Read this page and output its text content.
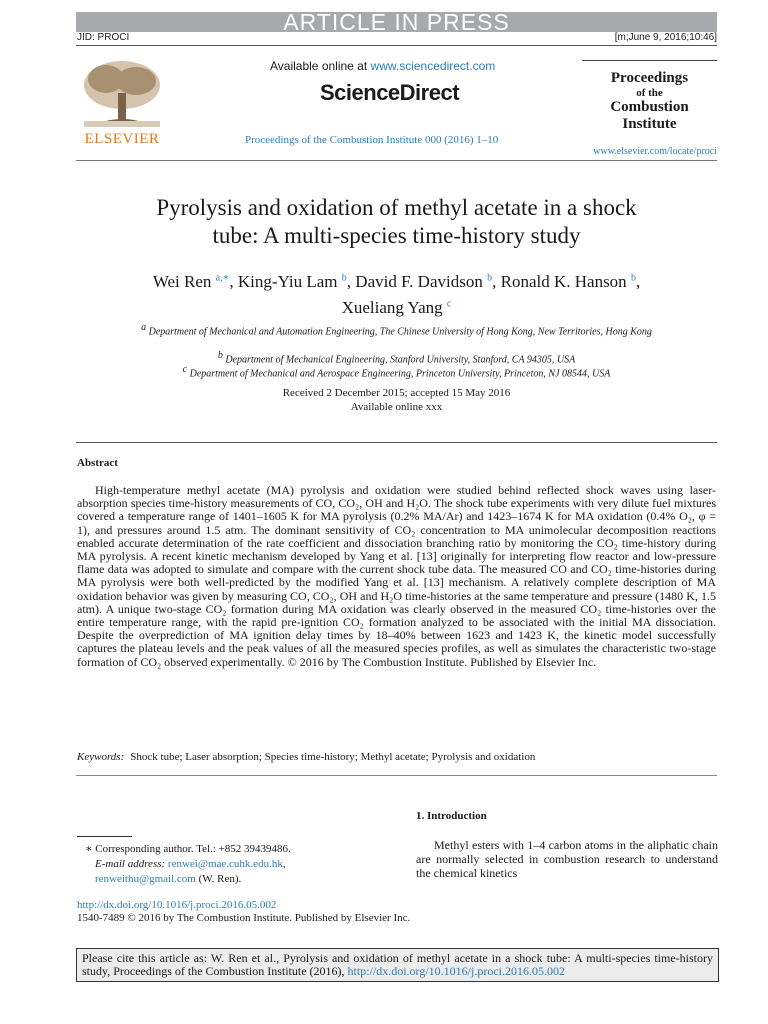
ARTICLE IN PRESS
JID: PROCI	[m;June 9, 2016;10:46]
ELSEVIER
Available online at www.sciencedirect.com
ScienceDirect
Proceedings of the Combustion Institute 000 (2016) 1–10
Proceedings
of the
Combustion
Institute
www.elsevier.com/locate/proci
Pyrolysis and oxidation of methyl acetate in a shock
tube: A multi-species time-history study
Wei Ren $^{a,∗}$, King-Yiu Lam $^b$, David F. Davidson $^b$, Ronald K. Hanson $^b$,
Xueliang Yang $^c$
$^a$ Department of Mechanical and Automation Engineering, The Chinese University of Hong Kong, New Territories, Hong Kong
$^b$ Department of Mechanical Engineering, Stanford University, Stanford, CA 94305, USA
$^c$ Department of Mechanical and Aerospace Engineering, Princeton University, Princeton, NJ 08544, USA
Received 2 December 2015; accepted 15 May 2016
Available online xxx
Abstract

High-temperature methyl acetate (MA) pyrolysis and oxidation were studied behind reflected shock waves using laser-absorption species time-history measurements of CO, CO₂, OH and H₂O. The shock tube experiments with very dilute fuel mixtures covered a temperature range of 1401–1605 K for MA pyrolysis (0.2% MA/Ar) and 1423–1674 K for MA oxidation (0.4% O₂, φ = 1), and pressures around 1.5 atm. The dominant sensitivity of CO₂ concentration to MA unimolecular decomposition reactions enabled accurate determination of the rate coefficient and dissociation branching ratio by monitoring the CO₂ time-history during MA pyrolysis. A recent kinetic mechanism developed by Yang et al. [13] originally for interpreting flow reactor and low-pressure flame data was adopted to simulate and compare with the current shock tube data. The measured CO and CO₂ time-histories during MA pyrolysis were both well-predicted by the modified Yang et al. [13] mechanism. A relatively complete description of MA oxidation behavior was given by measuring CO, CO₂, OH and H₂O time-histories at the same temperature and pressure (1480 K, 1.5 atm). A unique two-stage CO₂ formation during MA oxidation was clearly observed in the measured CO₂ time-histories over the entire temperature range, with the rapid pre-ignition CO₂ formation analyzed to be associated with the initial MA dissociation. Despite the overprediction of MA ignition delay times by 18–40% between 1623 and 1423 K, the kinetic model successfully captures the plateau levels and the peak values of all the measured species profiles, as well as simulates the characteristic two-stage formation of CO₂ observed experimentally. © 2016 by The Combustion Institute. Published by Elsevier Inc.

Keywords: Shock tube; Laser absorption; Species time-history; Methyl acetate; Pyrolysis and oxidation
1. Introduction

Methyl esters with 1–4 carbon atoms in the aliphatic chain are normally selected in combustion research to understand the chemical kinetics

∗ Corresponding author. Tel.: +852 39439486.
E-mail address: renwei@mae.cuhk.edu.hk, renweithu@gmail.com (W. Ren).
http://dx.doi.org/10.1016/j.proci.2016.05.002
1540-7489 © 2016 by The Combustion Institute. Published by Elsevier Inc.
Please cite this article as: W. Ren et al., Pyrolysis and oxidation of methyl acetate in a shock tube: A multi-species time-history study, Proceedings of the Combustion Institute (2016), http://dx.doi.org/10.1016/j.proci.2016.05.002
